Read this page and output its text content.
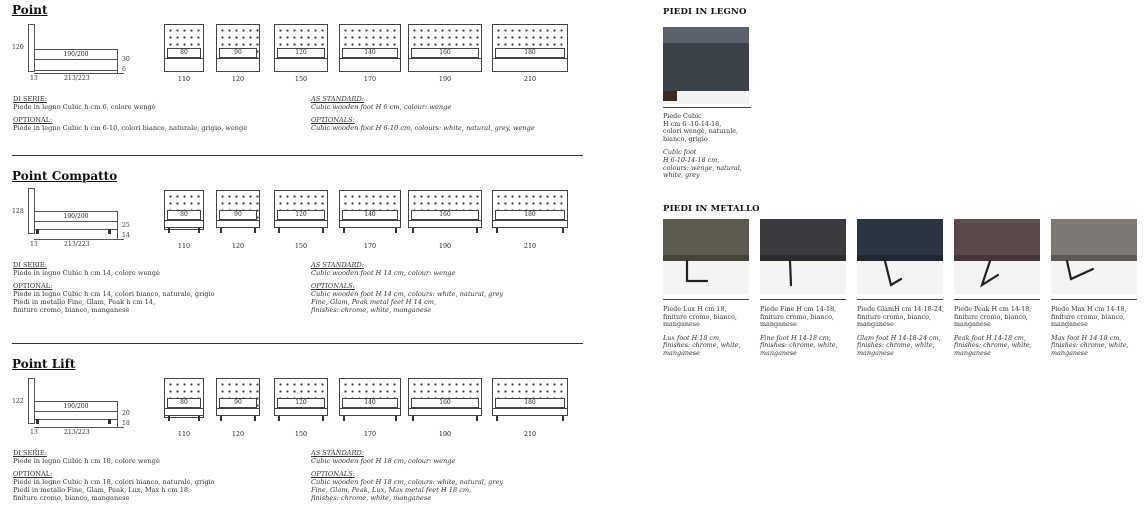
Point
190/200
120
13	213/223
30
6
80
110
90
120
120
150
140
170
160
190
180
210
DI SERIE:
Piede in legno Cubic h cm 6, colore wengè
OPTIONAL:
Piede in legno Cubic h cm 6-10, colori bianco, naturale, grigio, wengè
AS STANDARD:
Cubic wooden foot H 6 cm, colour: wenge
OPTIONALS:
Cubic wooden foot H 6-10 cm, colours: white, natural, grey, wenge
Point Compatto
190/200
128
13	213/223
25
14
80
110
90
120
120
150
140
170
160
190
180
210
DI SERIE:
Piede in legno Cubic h cm 14, colore wengè
OPTIONAL:
Piede in legno Cubic h cm 14, colori bianco, naturale, grigio
Piedi in metallo Fine, Glam, Peak h cm 14,
finiture cromo, bianco, manganese
AS STANDARD:
Cubic wooden foot H 14 cm, colour: wenge
OPTIONALS:
Cubic wooden foot H 14 cm, colours: white, natural, grey
Fine, Glam, Peak metal feet H 14 cm,
finishes: chrome, white, manganese
Point Lift
190/200
122
13	213/223
20
18
80
110
90
120
120
150
140
170
160
190
180
210
DI SERIE:
Piede in legno Cubic h cm 18, colore wengè
OPTIONAL:
Piede in legno Cubic h cm 18, colori bianco, naturale, grigio
Piedi in metallo Fine, Glam, Peak, Lux, Max h cm 18,
finiture cromo, bianco, manganese
AS STANDARD:
Cubic wooden foot H 18 cm, colour: wenge
OPTIONALS:
Cubic wooden foot H 18 cm, colours: white, natural, grey
Fine, Glam, Peak, Lux, Max metal feet H 18 cm,
finishes: chrome, white, manganese
PIEDI IN LEGNO
Piede Cubic
H cm 6 -10-14-18,
colori wengè, naturale,
bianco, grigio
Cubic foot
H 6-10-14-18 cm,
colours: wenge, natural,
white, grey
PIEDI IN METALLO
Piede Lux H cm 18,
finiture cromo, bianco,
manganese
Lux foot H 18 cm,
finishes: chrome, white,
manganese
Piede Fine H cm 14-18,
finiture cromo, bianco,
manganese
Fine foot H 14-18 cm,
finishes: chrome, white,
manganese
Piede GlamH cm 14-18-24,
finiture cromo, bianco,
manganese
Glam foot H 14-18-24 cm,
finishes: chrome, white,
manganese
Piede Peak H cm 14-18,
finiture cromo, bianco,
manganese
Peak foot H 14-18 cm,
finishes: chrome, white,
manganese
Piede Max H cm 14-18,
finiture cromo, bianco,
manganese
Max foot H 14-18 cm,
finishes: chrome, white,
manganese
